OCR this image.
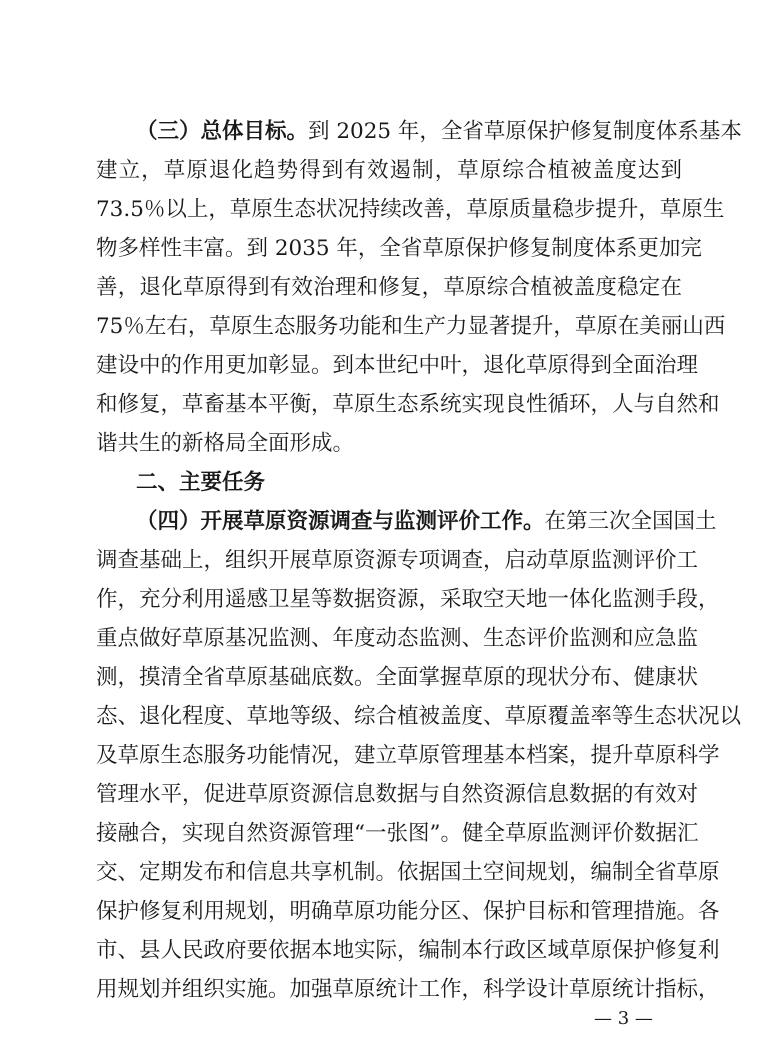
（三）总体目标。到 2025 年，全省草原保护修复制度体系基本
建立，草原退化趋势得到有效遏制，草原综合植被盖度达到
73.5％以上，草原生态状况持续改善，草原质量稳步提升，草原生
物多样性丰富。到 2035 年，全省草原保护修复制度体系更加完
善，退化草原得到有效治理和修复，草原综合植被盖度稳定在
75％左右，草原生态服务功能和生产力显著提升，草原在美丽山西
建设中的作用更加彰显。到本世纪中叶，退化草原得到全面治理
和修复，草畜基本平衡，草原生态系统实现良性循环，人与自然和
谐共生的新格局全面形成。
二、主要任务
（四）开展草原资源调查与监测评价工作。在第三次全国国土
调查基础上，组织开展草原资源专项调查，启动草原监测评价工
作，充分利用遥感卫星等数据资源，采取空天地一体化监测手段，
重点做好草原基况监测、年度动态监测、生态评价监测和应急监
测，摸清全省草原基础底数。全面掌握草原的现状分布、健康状
态、退化程度、草地等级、综合植被盖度、草原覆盖率等生态状况以
及草原生态服务功能情况，建立草原管理基本档案，提升草原科学
管理水平，促进草原资源信息数据与自然资源信息数据的有效对
接融合，实现自然资源管理“一张图”。健全草原监测评价数据汇
交、定期发布和信息共享机制。依据国土空间规划，编制全省草原
保护修复利用规划，明确草原功能分区、保护目标和管理措施。各
市、县人民政府要依据本地实际，编制本行政区域草原保护修复利
用规划并组织实施。加强草原统计工作，科学设计草原统计指标，
— 3 —
